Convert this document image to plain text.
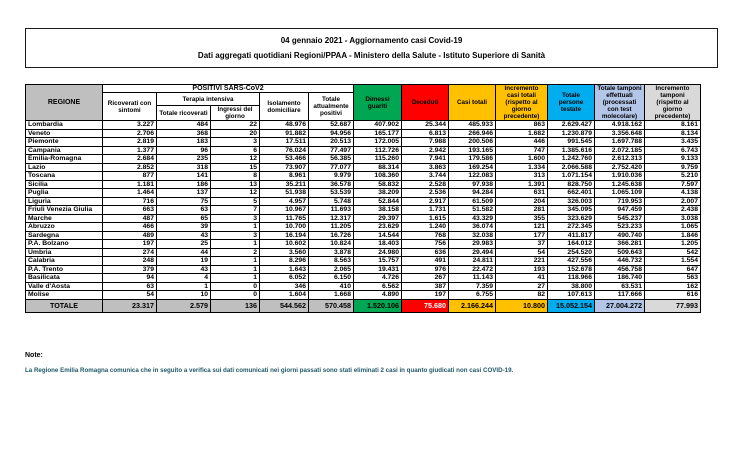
04 gennaio 2021 - Aggiornamento casi Covid-19
Dati aggregati quotidiani Regioni/PPAA - Ministero della Salute - Istituto Superiore di Sanità
REGIONE	POSITIVI SARS-CoV2					Dimessi guariti	Deceduti	Casi totali	Incremento casi totali (rispetto al giorno precedente)	Totale persone testate	Totale tamponi effettuati (processati con test molecolare)	Incremento tamponi (rispetto al giorno precedente)
	Ricoverati con sintomi	Terapia intensiva		Isolamento domiciliare	Totale attualmente positivi							
		Totale ricoverati	Ingressi del giorno									
Lombardia	3.227	484	22	48.976	52.687	407.902	25.344	485.933	863	2.629.427	4.918.162	8.161
Veneto	2.706	368	20	91.882	94.956	165.177	6.813	266.946	1.682	1.230.879	3.356.648	8.134
Piemonte	2.819	183	3	17.511	20.513	172.005	7.988	200.506	446	991.545	1.697.788	3.435
Campania	1.377	96	6	76.024	77.497	112.726	2.942	193.165	747	1.385.616	2.072.185	6.743
Emilia-Romagna	2.684	235	12	53.466	56.385	115.260	7.941	179.586	1.600	1.242.760	2.612.313	9.133
Lazio	2.852	318	15	73.907	77.077	88.314	3.863	169.254	1.334	2.066.588	2.752.420	9.759
Toscana	877	141	8	8.961	9.979	108.360	3.744	122.083	313	1.071.154	1.910.036	5.210
Sicilia	1.181	186	13	35.211	36.578	58.832	2.528	97.938	1.391	828.750	1.245.638	7.597
Puglia	1.464	137	12	51.938	53.539	38.209	2.536	94.284	631	662.401	1.065.109	4.138
Liguria	716	75	5	4.957	5.748	52.844	2.917	61.509	204	326.003	719.953	2.007
Friuli Venezia Giulia	663	63	7	10.967	11.693	38.158	1.731	51.582	281	345.095	947.459	2.438
Marche	487	65	3	11.765	12.317	29.397	1.615	43.329	355	323.629	545.237	3.038
Abruzzo	466	39	1	10.700	11.205	23.629	1.240	36.074	121	272.345	523.233	1.065
Sardegna	489	43	3	16.194	16.726	14.544	768	32.038	177	411.817	490.740	1.846
P.A. Bolzano	197	25	1	10.602	10.824	18.403	756	29.983	37	164.012	366.281	1.205
Umbria	274	44	2	3.560	3.878	24.980	636	29.494	54	254.520	509.643	542
Calabria	248	19	1	8.296	8.563	15.757	491	24.811	221	427.556	446.732	1.554
P.A. Trento	379	43	1	1.643	2.065	19.431	976	22.472	193	152.678	456.758	647
Basilicata	94	4	1	6.052	6.150	4.726	267	11.143	41	118.966	186.740	563
Valle d'Aosta	63	1	0	346	410	6.562	387	7.359	27	38.800	63.531	162
Molise	54	10	0	1.604	1.668	4.890	197	6.755	82	107.613	117.666	616
TOTALE	23.317	2.579	136	544.562	570.458	1.520.106	75.680	2.166.244	10.800	15.052.154	27.004.272	77.993
Note:
La Regione Emilia Romagna comunica che in seguito a verifica sui dati comunicati nei giorni passati sono stati eliminati 2 casi in quanto giudicati non casi COVID-19.
